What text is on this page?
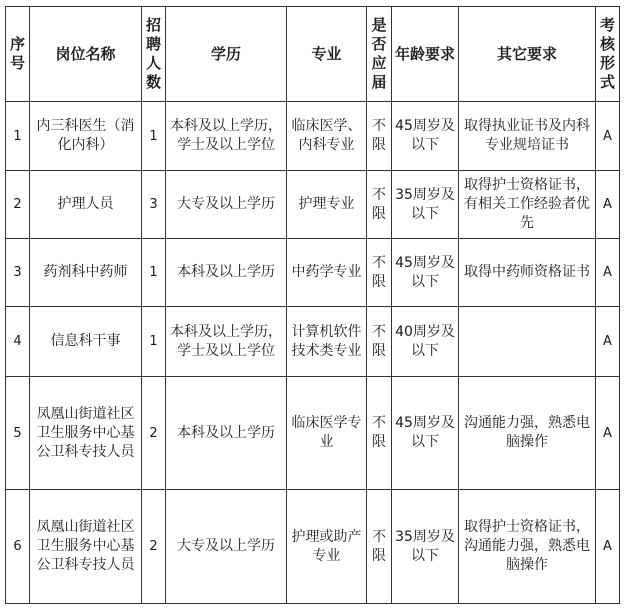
序号	岗位名称	招聘人数	学历	专业	是否应届	年龄要求	其它要求	考核形式
1	内三科医生（消化内科）	1	本科及以上学历，学士及以上学位	临床医学、内科专业	不限	45周岁及以下	取得执业证书及内科专业规培证书	A
2	护理人员	3	大专及以上学历	护理专业	不限	35周岁及以下	取得护士资格证书，有相关工作经验者优先	A
3	药剂科中药师	1	本科及以上学历	中药学专业	不限	45周岁及以下	取得中药师资格证书	A
4	信息科干事	1	本科及以上学历，学士及以上学位	计算机软件技术类专业	不限	40周岁及以下		A
5	凤凰山街道社区卫生服务中心基公卫科专技人员	2	本科及以上学历	临床医学专业	不限	45周岁及以下	沟通能力强，熟悉电脑操作	A
6	凤凰山街道社区卫生服务中心基公卫科专技人员	2	大专及以上学历	护理或助产专业	不限	35周岁及以下	取得护士资格证书，沟通能力强，熟悉电脑操作	A
